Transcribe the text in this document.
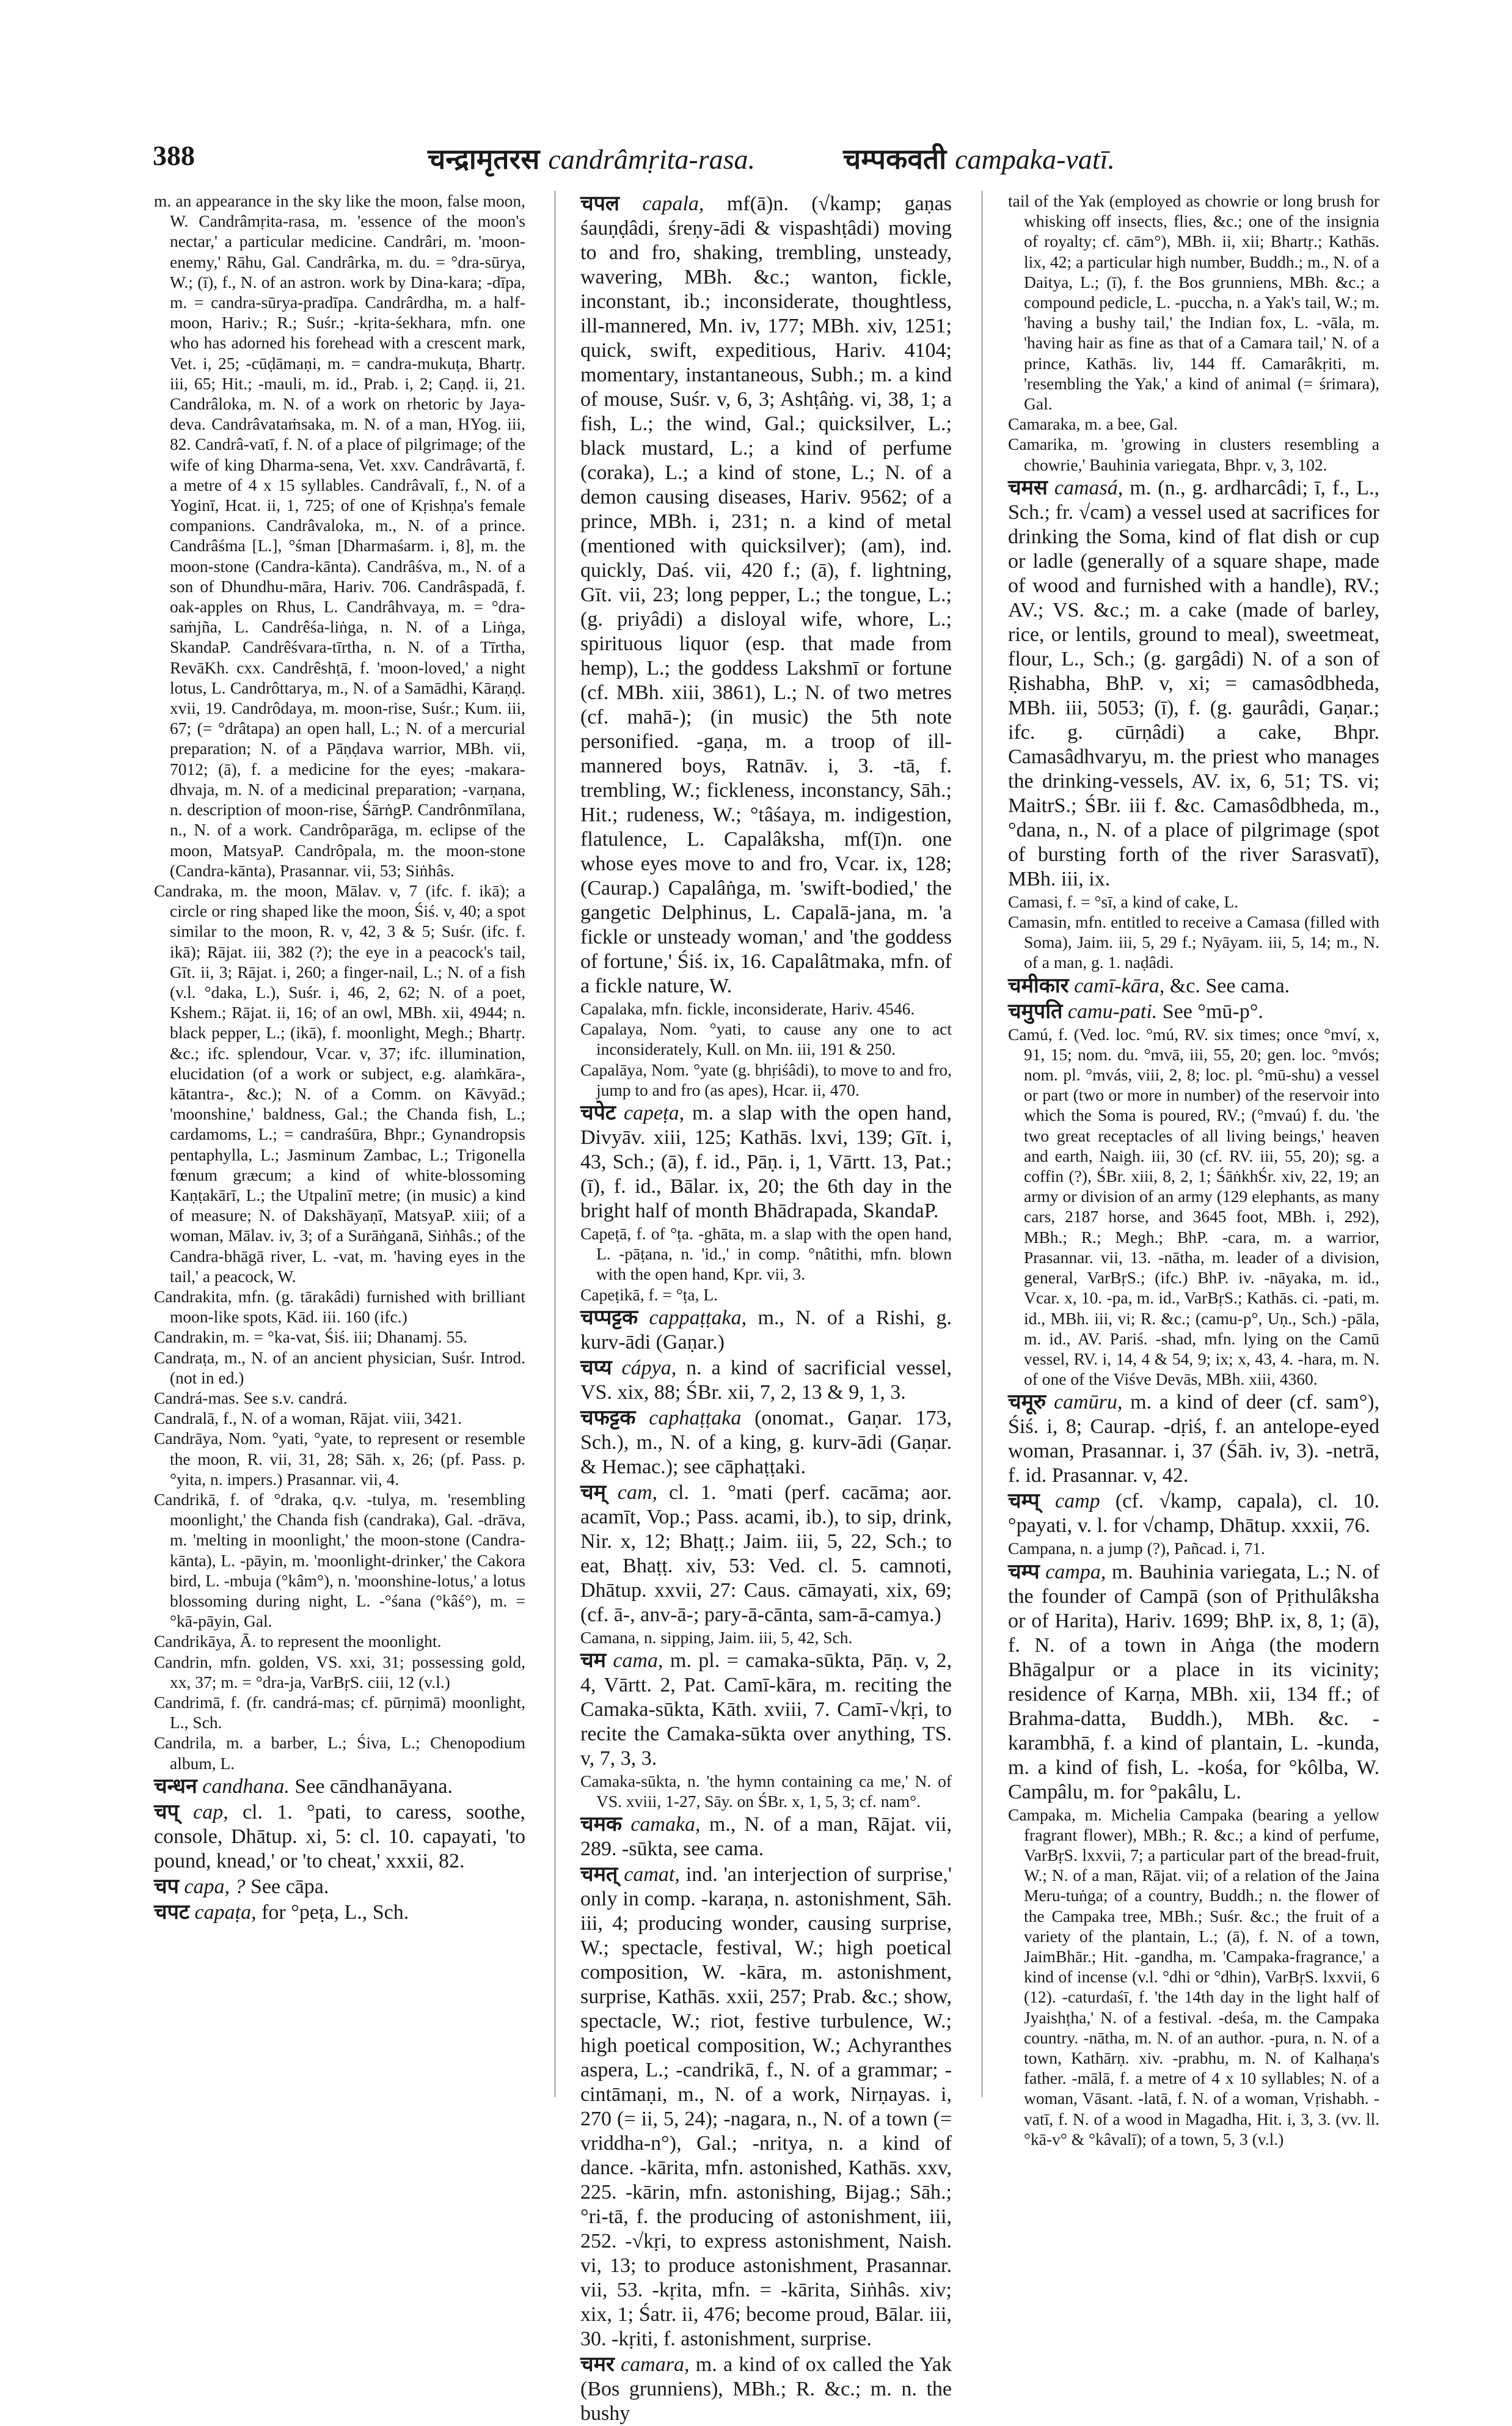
388	चन्द्रामृतरस candrâmṛita-rasa.	चम्पकवती campaka-vatī.

m. an appearance in the sky like the moon, false moon, W. Candrâmṛita-rasa, m. 'essence of the moon's nectar,' a particular medicine. Candrâri, m. 'moon-enemy,' Rāhu, Gal. Candrârka, m. du. = °dra-sūrya, W.; (ī), f., N. of an astron. work by Dina-kara; -dīpa, m. = candra-sūrya-pradīpa. Candrârdha, m. a half-moon, Hariv.; R.; Suśr.; -kṛita-śekhara, mfn. one who has adorned his forehead with a crescent mark, Vet. i, 25; -cūḍāmaṇi, m. = candra-mukuṭa, Bhartṛ. iii, 65; Hit.; -mauli, m. id., Prab. i, 2; Caṇḍ. ii, 21. Candrâloka, m. N. of a work on rhetoric by Jaya-deva. Candrâvataṁsaka, m. N. of a man, HYog. iii, 82. Candrâ-vatī, f. N. of a place of pilgrimage; of the wife of king Dharma-sena, Vet. xxv. Candrâvartā, f. a metre of 4 x 15 syllables. Candrâvalī, f., N. of a Yoginī, Hcat. ii, 1, 725; of one of Kṛishṇa's female companions. Candrâvaloka, m., N. of a prince. Candrâśma [L.], °śman [Dharmaśarm. i, 8], m. the moon-stone (Candra-kānta). Candrâśva, m., N. of a son of Dhundhu-māra, Hariv. 706. Candrâspadā, f. oak-apples on Rhus, L. Candrâhvaya, m. = °dra-saṁjña, L. Candrêśa-liṅga, n. N. of a Liṅga, SkandaP. Candrêśvara-tīrtha, n. N. of a Tīrtha, RevāKh. cxx. Candrêshṭā, f. 'moon-loved,' a night lotus, L. Candrôttarya, m., N. of a Samādhi, Kāraṇḍ. xvii, 19. Candrôdaya, m. moon-rise, Suśr.; Kum. iii, 67; (= °drâtapa) an open hall, L.; N. of a mercurial preparation; N. of a Pāṇḍava warrior, MBh. vii, 7012; (ā), f. a medicine for the eyes; -makara-dhvaja, m. N. of a medicinal preparation; -varṇana, n. description of moon-rise, ŚārṅgP. Candrônmīlana, n., N. of a work. Candrôparāga, m. eclipse of the moon, MatsyaP. Candrôpala, m. the moon-stone (Candra-kānta), Prasannar. vii, 53; Siṅhâs.

Candraka, m. the moon, Mālav. v, 7 (ifc. f. ikā); a circle or ring shaped like the moon, Śiś. v, 40; a spot similar to the moon, R. v, 42, 3 & 5; Suśr. (ifc. f. ikā); Rājat. iii, 382 (?); the eye in a peacock's tail, Gīt. ii, 3; Rājat. i, 260; a finger-nail, L.; N. of a fish (v.l. °daka, L.), Suśr. i, 46, 2, 62; N. of a poet, Kshem.; Rājat. ii, 16; of an owl, MBh. xii, 4944; n. black pepper, L.; (ikā), f. moonlight, Megh.; Bhartṛ. &c.; ifc. splendour, Vcar. v, 37; ifc. illumination, elucidation (of a work or subject, e.g. alaṁkāra-, kātantra-, &c.); N. of a Comm. on Kāvyād.; 'moonshine,' baldness, Gal.; the Chanda fish, L.; cardamoms, L.; = candraśūra, Bhpr.; Gynandropsis pentaphylla, L.; Jasminum Zambac, L.; Trigonella fœnum græcum; a kind of white-blossoming Kaṇṭakārī, L.; the Utpalinī metre; (in music) a kind of measure; N. of Dakshāyaṇī, MatsyaP. xiii; of a woman, Mālav. iv, 3; of a Surāṅganā, Siṅhâs.; of the Candra-bhāgā river, L. -vat, m. 'having eyes in the tail,' a peacock, W.

Candrakita, mfn. (g. tārakâdi) furnished with brilliant moon-like spots, Kād. iii. 160 (ifc.)

Candrakin, m. = °ka-vat, Śiś. iii; Dhanamj. 55.

Candraṭa, m., N. of an ancient physician, Suśr. Introd. (not in ed.)

Candrá-mas. See s.v. candrá.

Candralā, f., N. of a woman, Rājat. viii, 3421.

Candrāya, Nom. °yati, °yate, to represent or resemble the moon, R. vii, 31, 28; Sāh. x, 26; (pf. Pass. p. °yita, n. impers.) Prasannar. vii, 4.

Candrikā, f. of °draka, q.v. -tulya, m. 'resembling moonlight,' the Chanda fish (candraka), Gal. -drāva, m. 'melting in moonlight,' the moon-stone (Candra-kānta), L. -pāyin, m. 'moonlight-drinker,' the Cakora bird, L. -mbuja (°kâm°), n. 'moonshine-lotus,' a lotus blossoming during night, L. -°śana (°kâś°), m. = °kā-pāyin, Gal.

Candrikāya, Ā. to represent the moonlight.

Candrin, mfn. golden, VS. xxi, 31; possessing gold, xx, 37; m. = °dra-ja, VarBṛS. ciii, 12 (v.l.)

Candrimā, f. (fr. candrá-mas; cf. pūrṇimā) moonlight, L., Sch.

Candrila, m. a barber, L.; Śiva, L.; Chenopodium album, L.

चन्धन candhana. See cāndhanāyana.

चप् cap, cl. 1. °pati, to caress, soothe, console, Dhātup. xi, 5: cl. 10. capayati, 'to pound, knead,' or 'to cheat,' xxxii, 82.

चप capa, ? See cāpa.

चपट capaṭa, for °peṭa, L., Sch.

चपल capala, mf(ā)n. (√kamp; gaṇas śauṇḍâdi, śreṇy-ādi & vispashṭâdi) moving to and fro, shaking, trembling, unsteady, wavering, MBh. &c.; wanton, fickle, inconstant, ib.; inconsiderate, thoughtless, ill-mannered, Mn. iv, 177; MBh. xiv, 1251; quick, swift, expeditious, Hariv. 4104; momentary, instantaneous, Subh.; m. a kind of mouse, Suśr. v, 6, 3; Ashṭâṅg. vi, 38, 1; a fish, L.; the wind, Gal.; quicksilver, L.; black mustard, L.; a kind of perfume (coraka), L.; a kind of stone, L.; N. of a demon causing diseases, Hariv. 9562; of a prince, MBh. i, 231; n. a kind of metal (mentioned with quicksilver); (am), ind. quickly, Daś. vii, 420 f.; (ā), f. lightning, Gīt. vii, 23; long pepper, L.; the tongue, L.; (g. priyâdi) a disloyal wife, whore, L.; spirituous liquor (esp. that made from hemp), L.; the goddess Lakshmī or fortune (cf. MBh. xiii, 3861), L.; N. of two metres (cf. mahā-); (in music) the 5th note personified. -gaṇa, m. a troop of ill-mannered boys, Ratnāv. i, 3. -tā, f. trembling, W.; fickleness, inconstancy, Sāh.; Hit.; rudeness, W.; °tâśaya, m. indigestion, flatulence, L. Capalâksha, mf(ī)n. one whose eyes move to and fro, Vcar. ix, 128; (Caurap.) Capalâṅga, m. 'swift-bodied,' the gangetic Delphinus, L. Capalā-jana, m. 'a fickle or unsteady woman,' and 'the goddess of fortune,' Śiś. ix, 16. Capalâtmaka, mfn. of a fickle nature, W.

Capalaka, mfn. fickle, inconsiderate, Hariv. 4546.

Capalaya, Nom. °yati, to cause any one to act inconsiderately, Kull. on Mn. iii, 191 & 250.

Capalāya, Nom. °yate (g. bhṛiśâdi), to move to and fro, jump to and fro (as apes), Hcar. ii, 470.

चपेट capeṭa, m. a slap with the open hand, Divyāv. xiii, 125; Kathās. lxvi, 139; Gīt. i, 43, Sch.; (ā), f. id., Pāṇ. i, 1, Vārtt. 13, Pat.; (ī), f. id., Bālar. ix, 20; the 6th day in the bright half of month Bhādrapada, SkandaP.

Capeṭā, f. of °ṭa. -ghāta, m. a slap with the open hand, L. -pāṭana, n. 'id.,' in comp. °nâtithi, mfn. blown with the open hand, Kpr. vii, 3.

Capeṭikā, f. = °ṭa, L.

चप्पट्टक cappaṭṭaka, m., N. of a Rishi, g. kurv-ādi (Gaṇar.)

चप्य cápya, n. a kind of sacrificial vessel, VS. xix, 88; ŚBr. xii, 7, 2, 13 & 9, 1, 3.

चफट्टक caphaṭṭaka (onomat., Gaṇar. 173, Sch.), m., N. of a king, g. kurv-ādi (Gaṇar. & Hemac.); see cāphaṭṭaki.

चम् cam, cl. 1. °mati (perf. cacāma; aor. acamīt, Vop.; Pass. acami, ib.), to sip, drink, Nir. x, 12; Bhaṭṭ.; Jaim. iii, 5, 22, Sch.; to eat, Bhaṭṭ. xiv, 53: Ved. cl. 5. camnoti, Dhātup. xxvii, 27: Caus. cāmayati, xix, 69; (cf. ā-, anv-ā-; pary-ā-cānta, sam-ā-camya.)

Camana, n. sipping, Jaim. iii, 5, 42, Sch.

चम cama, m. pl. = camaka-sūkta, Pāṇ. v, 2, 4, Vārtt. 2, Pat. Camī-kāra, m. reciting the Camaka-sūkta, Kāth. xviii, 7. Camī-√kṛi, to recite the Camaka-sūkta over anything, TS. v, 7, 3, 3.

Camaka-sūkta, n. 'the hymn containing ca me,' N. of VS. xviii, 1-27, Sāy. on ŚBr. x, 1, 5, 3; cf. nam°.

चमक camaka, m., N. of a man, Rājat. vii, 289. -sūkta, see cama.

चमत् camat, ind. 'an interjection of surprise,' only in comp. -karaṇa, n. astonishment, Sāh. iii, 4; producing wonder, causing surprise, W.; spectacle, festival, W.; high poetical composition, W. -kāra, m. astonishment, surprise, Kathās. xxii, 257; Prab. &c.; show, spectacle, W.; riot, festive turbulence, W.; high poetical composition, W.; Achyranthes aspera, L.; -candrikā, f., N. of a grammar; -cintāmaṇi, m., N. of a work, Nirṇayas. i, 270 (= ii, 5, 24); -nagara, n., N. of a town (= vriddha-n°), Gal.; -nritya, n. a kind of dance. -kārita, mfn. astonished, Kathās. xxv, 225. -kārin, mfn. astonishing, Bijag.; Sāh.; °ri-tā, f. the producing of astonishment, iii, 252. -√kṛi, to express astonishment, Naish. vi, 13; to produce astonishment, Prasannar. vii, 53. -kṛita, mfn. = -kārita, Siṅhâs. xiv; xix, 1; Śatr. ii, 476; become proud, Bālar. iii, 30. -kṛiti, f. astonishment, surprise.

चमर camara, m. a kind of ox called the Yak (Bos grunniens), MBh.; R. &c.; m. n. the bushy

tail of the Yak (employed as chowrie or long brush for whisking off insects, flies, &c.; one of the insignia of royalty; cf. cām°), MBh. ii, xii; Bhartṛ.; Kathās. lix, 42; a particular high number, Buddh.; m., N. of a Daitya, L.; (ī), f. the Bos grunniens, MBh. &c.; a compound pedicle, L. -puccha, n. a Yak's tail, W.; m. 'having a bushy tail,' the Indian fox, L. -vāla, m. 'having hair as fine as that of a Camara tail,' N. of a prince, Kathās. liv, 144 ff. Camarâkṛiti, m. 'resembling the Yak,' a kind of animal (= śrimara), Gal.

Camaraka, m. a bee, Gal.

Camarika, m. 'growing in clusters resembling a chowrie,' Bauhinia variegata, Bhpr. v, 3, 102.

चमस camasá, m. (n., g. ardharcâdi; ī, f., L., Sch.; fr. √cam) a vessel used at sacrifices for drinking the Soma, kind of flat dish or cup or ladle (generally of a square shape, made of wood and furnished with a handle), RV.; AV.; VS. &c.; m. a cake (made of barley, rice, or lentils, ground to meal), sweetmeat, flour, L., Sch.; (g. gargâdi) N. of a son of Ṛishabha, BhP. v, xi; = camasôdbheda, MBh. iii, 5053; (ī), f. (g. gaurâdi, Gaṇar.; ifc. g. cūrṇâdi) a cake, Bhpr. Camasâdhvaryu, m. the priest who manages the drinking-vessels, AV. ix, 6, 51; TS. vi; MaitrS.; ŚBr. iii f. &c. Camasôdbheda, m., °dana, n., N. of a place of pilgrimage (spot of bursting forth of the river Sarasvatī), MBh. iii, ix.

Camasi, f. = °sī, a kind of cake, L.

Camasin, mfn. entitled to receive a Camasa (filled with Soma), Jaim. iii, 5, 29 f.; Nyāyam. iii, 5, 14; m., N. of a man, g. 1. naḍâdi.

चमीकार camī-kāra, &c. See cama.

चमुपति camu-pati. See °mū-p°.

Camú, f. (Ved. loc. °mú, RV. six times; once °mví, x, 91, 15; nom. du. °mvā, iii, 55, 20; gen. loc. °mvós; nom. pl. °mvás, viii, 2, 8; loc. pl. °mū-shu) a vessel or part (two or more in number) of the reservoir into which the Soma is poured, RV.; (°mvaú) f. du. 'the two great receptacles of all living beings,' heaven and earth, Naigh. iii, 30 (cf. RV. iii, 55, 20); sg. a coffin (?), ŚBr. xiii, 8, 2, 1; ŚāṅkhŚr. xiv, 22, 19; an army or division of an army (129 elephants, as many cars, 2187 horse, and 3645 foot, MBh. i, 292), MBh.; R.; Megh.; BhP. -cara, m. a warrior, Prasannar. vii, 13. -nātha, m. leader of a division, general, VarBṛS.; (ifc.) BhP. iv. -nāyaka, m. id., Vcar. x, 10. -pa, m. id., VarBṛS.; Kathās. ci. -pati, m. id., MBh. iii, vi; R. &c.; (camu-p°, Uṇ., Sch.) -pāla, m. id., AV. Pariś. -shad, mfn. lying on the Camū vessel, RV. i, 14, 4 & 54, 9; ix; x, 43, 4. -hara, m. N. of one of the Viśve Devās, MBh. xiii, 4360.

चमूरु camūru, m. a kind of deer (cf. sam°), Śiś. i, 8; Caurap. -dṛiś, f. an antelope-eyed woman, Prasannar. i, 37 (Śāh. iv, 3). -netrā, f. id. Prasannar. v, 42.

चम्प् camp (cf. √kamp, capala), cl. 10. °payati, v. l. for √champ, Dhātup. xxxii, 76.

Campana, n. a jump (?), Pañcad. i, 71.

चम्प campa, m. Bauhinia variegata, L.; N. of the founder of Campā (son of Pṛithulâksha or of Harita), Hariv. 1699; BhP. ix, 8, 1; (ā), f. N. of a town in Aṅga (the modern Bhāgalpur or a place in its vicinity; residence of Karṇa, MBh. xii, 134 ff.; of Brahma-datta, Buddh.), MBh. &c. -karambhā, f. a kind of plantain, L. -kunda, m. a kind of fish, L. -kośa, for °kôlba, W. Campâlu, m. for °pakâlu, L.

Campaka, m. Michelia Campaka (bearing a yellow fragrant flower), MBh.; R. &c.; a kind of perfume, VarBṛS. lxxvii, 7; a particular part of the bread-fruit, W.; N. of a man, Rājat. vii; of a relation of the Jaina Meru-tuṅga; of a country, Buddh.; n. the flower of the Campaka tree, MBh.; Suśr. &c.; the fruit of a variety of the plantain, L.; (ā), f. N. of a town, JaimBhār.; Hit. -gandha, m. 'Campaka-fragrance,' a kind of incense (v.l. °dhi or °dhin), VarBṛS. lxxvii, 6 (12). -caturdaśī, f. 'the 14th day in the light half of Jyaishṭha,' N. of a festival. -deśa, m. the Campaka country. -nātha, m. N. of an author. -pura, n. N. of a town, Kathārṇ. xiv. -prabhu, m. N. of Kalhaṇa's father. -mālā, f. a metre of 4 x 10 syllables; N. of a woman, Vāsant. -latā, f. N. of a woman, Vṛishabh. -vatī, f. N. of a wood in Magadha, Hit. i, 3, 3. (vv. ll. °kā-v° & °kâvalī); of a town, 5, 3 (v.l.)
